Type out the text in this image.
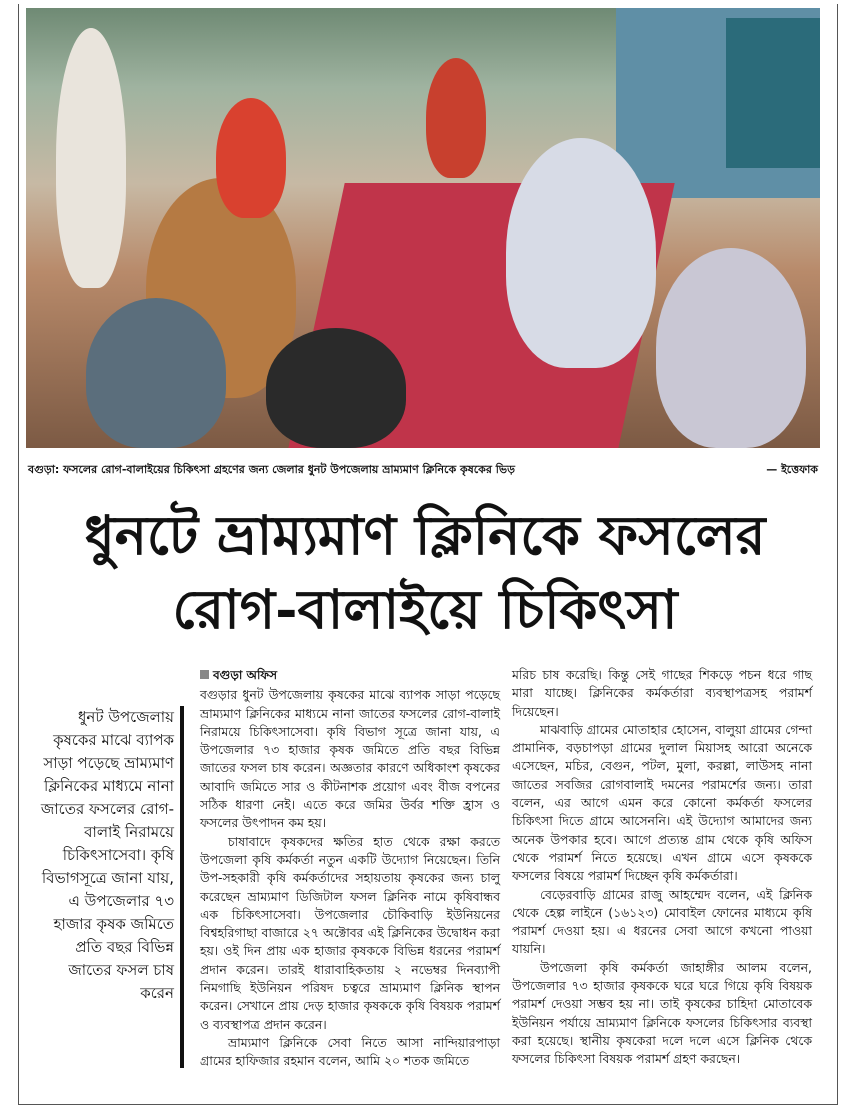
বগুড়া: ফসলের রোগ-বালাইয়ের চিকিৎসা গ্রহণের জন্য জেলার ধুনট উপজেলায় ভ্রাম্যমাণ ক্লিনিকে কৃষকের ভিড়	— ইত্তেফাক
ধুনটে ভ্রাম্যমাণ ক্লিনিকে ফসলের
রোগ-বালাইয়ে চিকিৎসা
ধুনট উপজেলায় কৃষকের মাঝে ব্যাপক সাড়া পড়েছে ভ্রাম্যমাণ ক্লিনিকের মাধ্যমে নানা জাতের ফসলের রোগ-বালাই নিরাময়ে চিকিৎসাসেবা। কৃষি বিভাগসূত্রে জানা যায়, এ উপজেলার ৭৩ হাজার কৃষক জমিতে প্রতি বছর বিভিন্ন জাতের ফসল চাষ করেন
বগুড়া অফিস

বগুড়ার ধুনট উপজেলায় কৃষকের মাঝে ব্যাপক সাড়া পড়েছে ভ্রাম্যমাণ ক্লিনিকের মাধ্যমে নানা জাতের ফসলের রোগ-বালাই নিরাময়ে চিকিৎসাসেবা। কৃষি বিভাগ সূত্রে জানা যায়, এ উপজেলার ৭৩ হাজার কৃষক জমিতে প্রতি বছর বিভিন্ন জাতের ফসল চাষ করেন। অজ্ঞতার কারণে অধিকাংশ কৃষকের আবাদি জমিতে সার ও কীটনাশক প্রয়োগ এবং বীজ বপনের সঠিক ধারণা নেই। এতে করে জমির উর্বর শক্তি হ্রাস ও ফসলের উৎপাদন কম হয়।

চাষাবাদে কৃষকদের ক্ষতির হাত থেকে রক্ষা করতে উপজেলা কৃষি কর্মকর্তা নতুন একটি উদ্যোগ নিয়েছেন। তিনি উপ-সহকারী কৃষি কর্মকর্তাদের সহায়তায় কৃষকের জন্য চালু করেছেন ভ্রাম্যমাণ ডিজিটাল ফসল ক্লিনিক নামে কৃষিবান্ধব এক চিকিৎসাসেবা। উপজেলার চৌকিবাড়ি ইউনিয়নের বিশ্বহরিগাছা বাজারে ২৭ অক্টোবর এই ক্লিনিকের উদ্বোধন করা হয়। ওই দিন প্রায় এক হাজার কৃষককে বিভিন্ন ধরনের পরামর্শ প্রদান করেন। তারই ধারাবাহিকতায় ২ নভেম্বর দিনব্যাপী নিমগাছি ইউনিয়ন পরিষদ চত্বরে ভ্রাম্যমাণ ক্লিনিক স্থাপন করেন। সেখানে প্রায় দেড় হাজার কৃষককে কৃষি বিষয়ক পরামর্শ ও ব্যবস্থাপত্র প্রদান করেন।

ভ্রাম্যমাণ ক্লিনিকে সেবা নিতে আসা নান্দিয়ারপাড়া গ্রামের হাফিজার রহমান বলেন, আমি ২০ শতক জমিতে

মরিচ চাষ করেছি। কিন্তু সেই গাছের শিকড়ে পচন ধরে গাছ মারা যাচ্ছে। ক্লিনিকের কর্মকর্তারা ব্যবস্থাপত্রসহ পরামর্শ দিয়েছেন।

মাঝবাড়ি গ্রামের মোতাহার হোসেন, বালুয়া গ্রামের গেন্দা প্রামানিক, বড়চাপড়া গ্রামের দুলাল মিয়াসহ আরো অনেকে এসেছেন, মচির, বেগুন, পটল, মুলা, করল্লা, লাউসহ নানা জাতের সবজির রোগবালাই দমনের পরামর্শের জন্য। তারা বলেন, এর আগে এমন করে কোনো কর্মকর্তা ফসলের চিকিৎসা দিতে গ্রামে আসেননি। এই উদ্যোগ আমাদের জন্য অনেক উপকার হবে। আগে প্রত্যন্ত গ্রাম থেকে কৃষি অফিস থেকে পরামর্শ নিতে হয়েছে। এখন গ্রামে এসে কৃষককে ফসলের বিষয়ে পরামর্শ দিচ্ছেন কৃষি কর্মকর্তারা।

বেড়েরবাড়ি গ্রামের রাজু আহম্মেদ বলেন, এই ক্লিনিক থেকে হেল্প লাইনে (১৬১২৩) মোবাইল ফোনের মাধ্যমে কৃষি পরামর্শ দেওয়া হয়। এ ধরনের সেবা আগে কখনো পাওয়া যায়নি।

উপজেলা কৃষি কর্মকর্তা জাহাঙ্গীর আলম বলেন, উপজেলার ৭৩ হাজার কৃষককে ঘরে ঘরে গিয়ে কৃষি বিষয়ক পরামর্শ দেওয়া সম্ভব হয় না। তাই কৃষকের চাহিদা মোতাবেক ইউনিয়ন পর্যায়ে ভ্রাম্যমাণ ক্লিনিকে ফসলের চিকিৎসার ব্যবস্থা করা হয়েছে। স্থানীয় কৃষকেরা দলে দলে এসে ক্লিনিক থেকে ফসলের চিকিৎসা বিষয়ক পরামর্শ গ্রহণ করছেন।
